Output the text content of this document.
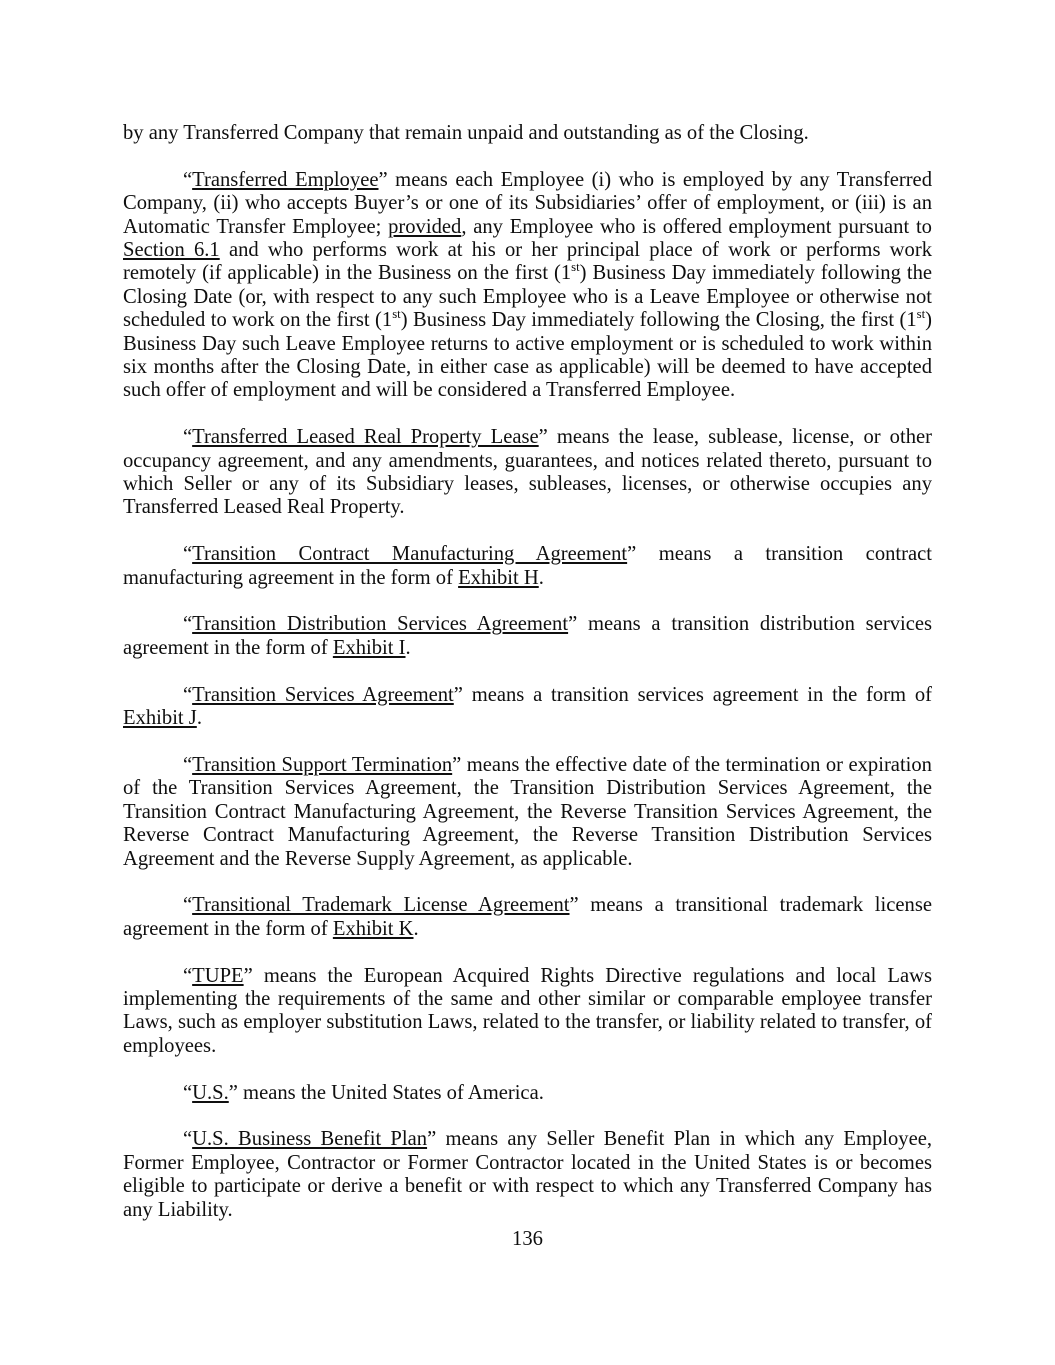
by any Transferred Company that remain unpaid and outstanding as of the Closing.

“Transferred Employee” means each Employee (i) who is employed by any Transferred Company, (ii) who accepts Buyer’s or one of its Subsidiaries’ offer of employment, or (iii) is an Automatic Transfer Employee; provided, any Employee who is offered employment pursuant to Section 6.1 and who performs work at his or her principal place of work or performs work remotely (if applicable) in the Business on the first (1st) Business Day immediately following the Closing Date (or, with respect to any such Employee who is a Leave Employee or otherwise not scheduled to work on the first (1st) Business Day immediately following the Closing, the first (1st) Business Day such Leave Employee returns to active employment or is scheduled to work within six months after the Closing Date, in either case as applicable) will be deemed to have accepted such offer of employment and will be considered a Transferred Employee.

“Transferred Leased Real Property Lease” means the lease, sublease, license, or other occupancy agreement, and any amendments, guarantees, and notices related thereto, pursuant to which Seller or any of its Subsidiary leases, subleases, licenses, or otherwise occupies any Transferred Leased Real Property.

“Transition Contract Manufacturing Agreement” means a transition contract manufacturing agreement in the form of Exhibit H.

“Transition Distribution Services Agreement” means a transition distribution services agreement in the form of Exhibit I.

“Transition Services Agreement” means a transition services agreement in the form of Exhibit J.

“Transition Support Termination” means the effective date of the termination or expiration of the Transition Services Agreement, the Transition Distribution Services Agreement, the Transition Contract Manufacturing Agreement, the Reverse Transition Services Agreement, the Reverse Contract Manufacturing Agreement, the Reverse Transition Distribution Services Agreement and the Reverse Supply Agreement, as applicable.

“Transitional Trademark License Agreement” means a transitional trademark license agreement in the form of Exhibit K.

“TUPE” means the European Acquired Rights Directive regulations and local Laws implementing the requirements of the same and other similar or comparable employee transfer Laws, such as employer substitution Laws, related to the transfer, or liability related to transfer, of employees.

“U.S.” means the United States of America.

“U.S. Business Benefit Plan” means any Seller Benefit Plan in which any Employee, Former Employee, Contractor or Former Contractor located in the United States is or becomes eligible to participate or derive a benefit or with respect to which any Transferred Company has any Liability.

136
